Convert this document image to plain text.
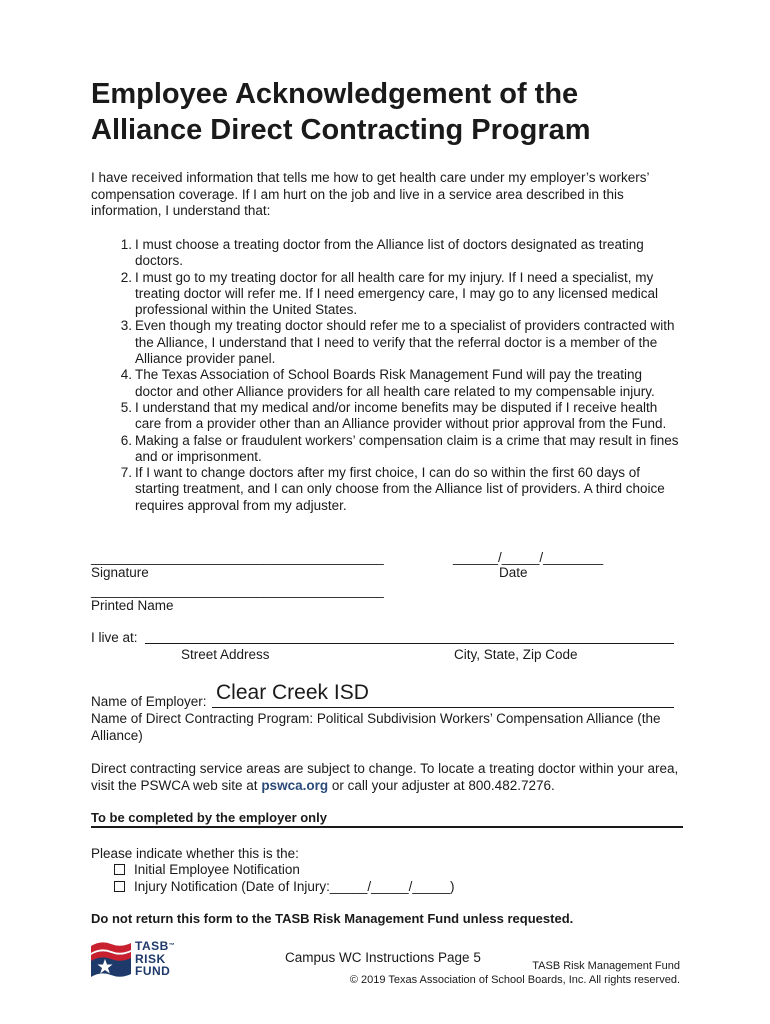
Employee Acknowledgement of the
Alliance Direct Contracting Program
I have received information that tells me how to get health care under my employer’s workers’ compensation coverage. If I am hurt on the job and live in a service area described in this information, I understand that:
1. I must choose a treating doctor from the Alliance list of doctors designated as treating doctors.
2. I must go to my treating doctor for all health care for my injury. If I need a specialist, my treating doctor will refer me. If I need emergency care, I may go to any licensed medical professional within the United States.
3. Even though my treating doctor should refer me to a specialist of providers contracted with the Alliance, I understand that I need to verify that the referral doctor is a member of the Alliance provider panel.
4. The Texas Association of School Boards Risk Management Fund will pay the treating doctor and other Alliance providers for all health care related to my compensable injury.
5. I understand that my medical and/or income benefits may be disputed if I receive health care from a provider other than an Alliance provider without prior approval from the Fund.
6. Making a false or fraudulent workers’ compensation claim is a crime that may result in fines and or imprisonment.
7. If I want to change doctors after my first choice, I can do so within the first 60 days of starting treatment, and I can only choose from the Alliance list of providers. A third choice requires approval from my adjuster.
_______________________________________	______/_____/________
Signature	Date
_______________________________________
Printed Name
I live at:
Street Address	City, State, Zip Code
Name of Employer: Clear Creek ISD
Name of Direct Contracting Program: Political Subdivision Workers’ Compensation Alliance (the Alliance)
Direct contracting service areas are subject to change. To locate a treating doctor within your area, visit the PSWCA web site at pswca.org or call your adjuster at 800.482.7276.
To be completed by the employer only
Please indicate whether this is the:
Initial Employee Notification
Injury Notification (Date of Injury:_____/_____/_____)
Do not return this form to the TASB Risk Management Fund unless requested.
TASB™
RISK
FUND
Campus WC Instructions Page 5
TASB Risk Management Fund
© 2019 Texas Association of School Boards, Inc. All rights reserved.
